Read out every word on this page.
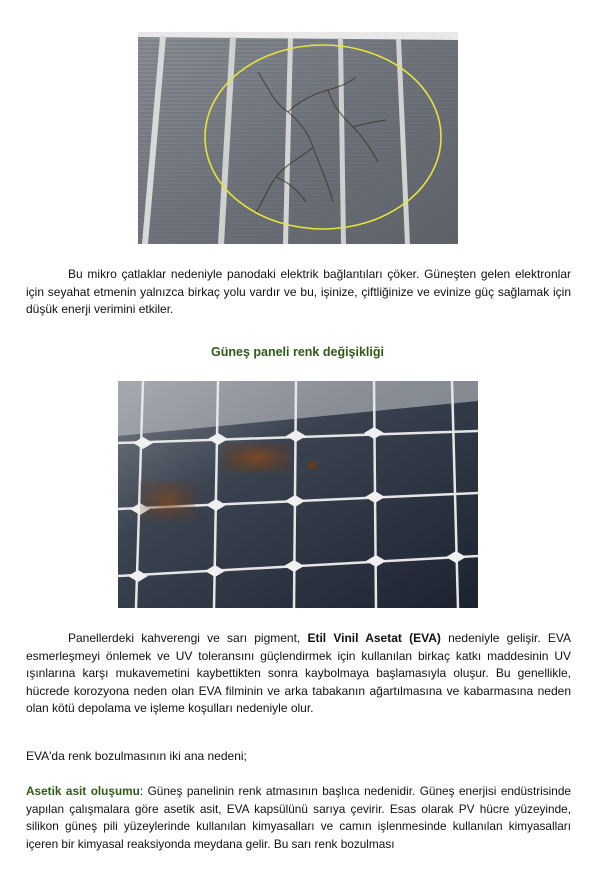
Bu mikro çatlaklar nedeniyle panodaki elektrik bağlantıları çöker. Güneşten gelen elektronlar için seyahat etmenin yalnızca birkaç yolu vardır ve bu, işinize, çiftliğinize ve evinize güç sağlamak için düşük enerji verimini etkiler.

Güneş paneli renk değişikliği

Panellerdeki kahverengi ve sarı pigment, Etil Vinil Asetat (EVA) nedeniyle gelişir. EVA esmerleşmeyi önlemek ve UV toleransını güçlendirmek için kullanılan birkaç katkı maddesinin UV ışınlarına karşı mukavemetini kaybettikten sonra kaybolmaya başlamasıyla oluşur. Bu genellikle, hücrede korozyona neden olan EVA filminin ve arka tabakanın ağartılmasına ve kabarmasına neden olan kötü depolama ve işleme koşulları nedeniyle olur.

EVA'da renk bozulmasının iki ana nedeni;

Asetik asit oluşumu: Güneş panelinin renk atmasının başlıca nedenidir. Güneş enerjisi endüstrisinde yapılan çalışmalara göre asetik asit, EVA kapsülünü sarıya çevirir. Esas olarak PV hücre yüzeyinde, silikon güneş pili yüzeylerinde kullanılan kimyasalları ve camın işlenmesinde kullanılan kimyasalları içeren bir kimyasal reaksiyonda meydana gelir. Bu sarı renk bozulması
